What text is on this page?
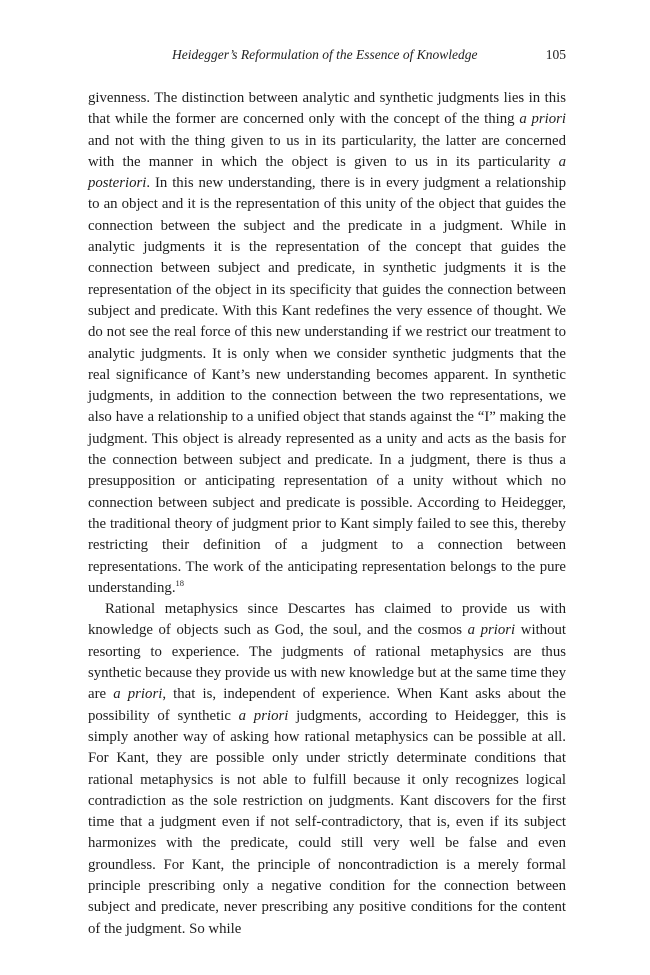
Heidegger’s Reformulation of the Essence of Knowledge	105

givenness. The distinction between analytic and synthetic judgments lies in this that while the former are concerned only with the concept of the thing a priori and not with the thing given to us in its particularity, the latter are concerned with the manner in which the object is given to us in its particularity a posteriori. In this new understanding, there is in every judgment a relationship to an object and it is the representation of this unity of the object that guides the connection between the subject and the predicate in a judgment. While in analytic judgments it is the representation of the concept that guides the connection between subject and predicate, in synthetic judgments it is the representation of the object in its specificity that guides the connection between subject and predicate. With this Kant redefines the very essence of thought. We do not see the real force of this new understanding if we restrict our treatment to analytic judgments. It is only when we consider synthetic judgments that the real significance of Kant’s new understanding becomes apparent. In synthetic judgments, in addition to the connection between the two representations, we also have a relationship to a unified object that stands against the “I” making the judgment. This object is already represented as a unity and acts as the basis for the connection between subject and predicate. In a judgment, there is thus a presupposition or anticipating representation of a unity without which no connection between subject and predicate is possible. According to Heidegger, the traditional theory of judgment prior to Kant simply failed to see this, thereby restricting their definition of a judgment to a connection between representations. The work of the anticipating representation belongs to the pure understanding.$^{18}$

Rational metaphysics since Descartes has claimed to provide us with knowledge of objects such as God, the soul, and the cosmos a priori without resorting to experience. The judgments of rational metaphysics are thus synthetic because they provide us with new knowledge but at the same time they are a priori, that is, independent of experience. When Kant asks about the possibility of synthetic a priori judgments, according to Heidegger, this is simply another way of asking how rational metaphysics can be possible at all. For Kant, they are possible only under strictly determinate conditions that rational metaphysics is not able to fulfill because it only recognizes logical contradiction as the sole restriction on judgments. Kant discovers for the first time that a judgment even if not self-contradictory, that is, even if its subject harmonizes with the predicate, could still very well be false and even groundless. For Kant, the principle of noncontradiction is a merely formal principle prescribing only a negative condition for the connection between subject and predicate, never prescribing any positive conditions for the content of the judgment. So while
